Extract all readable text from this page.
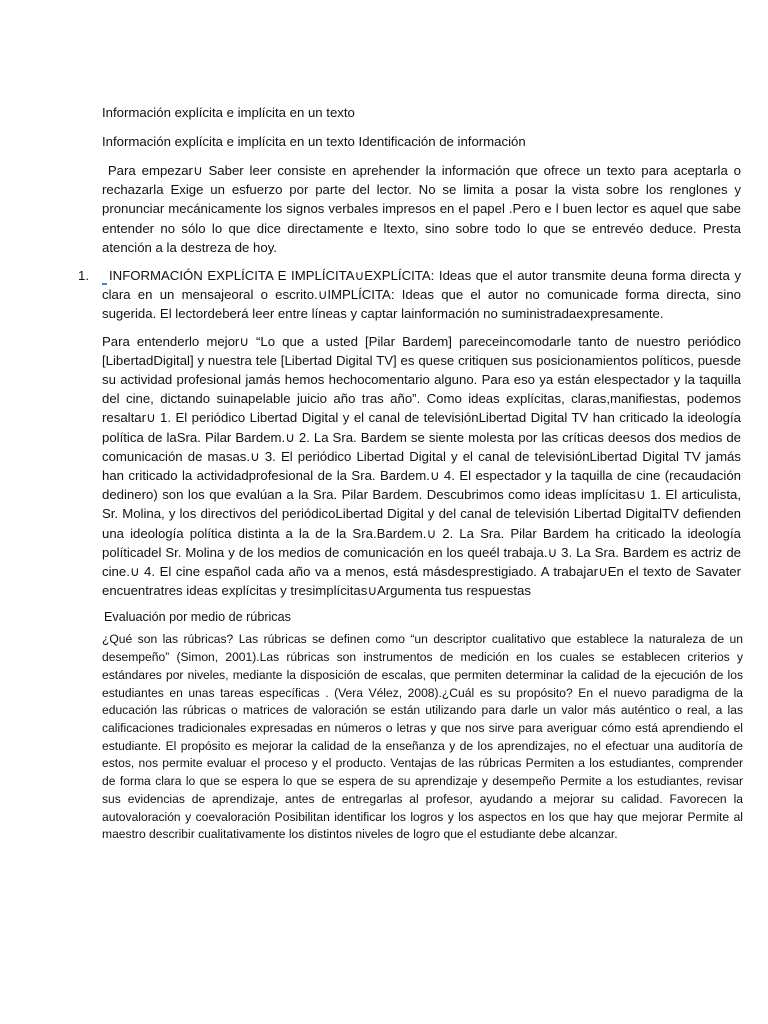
Información explícita e implícita en un texto

Información explícita e implícita en un texto Identificación de información

Para empezar∪ Saber leer consiste en aprehender la información que ofrece un texto para aceptarla o rechazarla Exige un esfuerzo por parte del lector. No se limita a posar la vista sobre los renglones y pronunciar mecánicamente los signos verbales impresos en el papel .Pero e l buen lector es aquel que sabe entender no sólo lo que dice directamente e ltexto, sino sobre todo lo que se entrevéo deduce. Presta atención a la destreza de hoy.

1.	INFORMACIÓN EXPLÍCITA E IMPLÍCITA∪EXPLÍCITA: Ideas que el autor transmite deuna forma directa y clara en un mensajeoral o escrito.∪IMPLÍCITA: Ideas que el autor no comunicade forma directa, sino sugerida. El lectordeberá leer entre líneas y captar lainformación no suministradaexpresamente.

Para entenderlo mejor∪ “Lo que a usted [Pilar Bardem] pareceincomodarle tanto de nuestro periódico [LibertadDigital] y nuestra tele [Libertad Digital TV] es quese critiquen sus posicionamientos políticos, puesde su actividad profesional jamás hemos hechocomentario alguno. Para eso ya están elespectador y la taquilla del cine, dictando suinapelable juicio año tras año”. Como ideas explícitas, claras,manifiestas, podemos resaltar∪ 1. El periódico Libertad Digital y el canal de televisiónLibertad Digital TV han criticado la ideología política de laSra. Pilar Bardem.∪ 2. La Sra. Bardem se siente molesta por las críticas deesos dos medios de comunicación de masas.∪ 3. El periódico Libertad Digital y el canal de televisiónLibertad Digital TV jamás han criticado la actividadprofesional de la Sra. Bardem.∪ 4. El espectador y la taquilla de cine (recaudación dedinero) son los que evalúan a la Sra. Pilar Bardem. Descubrimos como ideas implícitas∪ 1. El articulista, Sr. Molina, y los directivos del periódicoLibertad Digital y del canal de televisión Libertad DigitalTV defienden una ideología política distinta a la de la Sra.Bardem.∪ 2. La Sra. Pilar Bardem ha criticado la ideología políticadel Sr. Molina y de los medios de comunicación en los queél trabaja.∪ 3. La Sra. Bardem es actriz de cine.∪ 4. El cine español cada año va a menos, está másdesprestigiado. A trabajar∪En el texto de Savater encuentratres ideas explícitas y tresimplícitas∪Argumenta tus respuestas

Evaluación por medio de rúbricas

¿Qué son las rúbricas? Las rúbricas se definen como “un descriptor cualitativo que establece la naturaleza de un desempeño” (Simon, 2001).Las rúbricas son instrumentos de medición en los cuales se establecen criterios y estándares por niveles, mediante la disposición de escalas, que permiten determinar la calidad de la ejecución de los estudiantes en unas tareas específicas . (Vera Vélez, 2008).¿Cuál es su propósito? En el nuevo paradigma de la educación las rúbricas o matrices de valoración se están utilizando para darle un valor más auténtico o real, a las calificaciones tradicionales expresadas en números o letras y que nos sirve para averiguar cómo está aprendiendo el estudiante. El propósito es mejorar la calidad de la enseñanza y de los aprendizajes, no el efectuar una auditoría de estos, nos permite evaluar el proceso y el producto. Ventajas de las rúbricas Permiten a los estudiantes, comprender de forma clara lo que se espera lo que se espera de su aprendizaje y desempeño Permite a los estudiantes, revisar sus evidencias de aprendizaje, antes de entregarlas al profesor, ayudando a mejorar su calidad. Favorecen la autovaloración y coevaloración Posibilitan identificar los logros y los aspectos en los que hay que mejorar Permite al maestro describir cualitativamente los distintos niveles de logro que el estudiante debe alcanzar.
